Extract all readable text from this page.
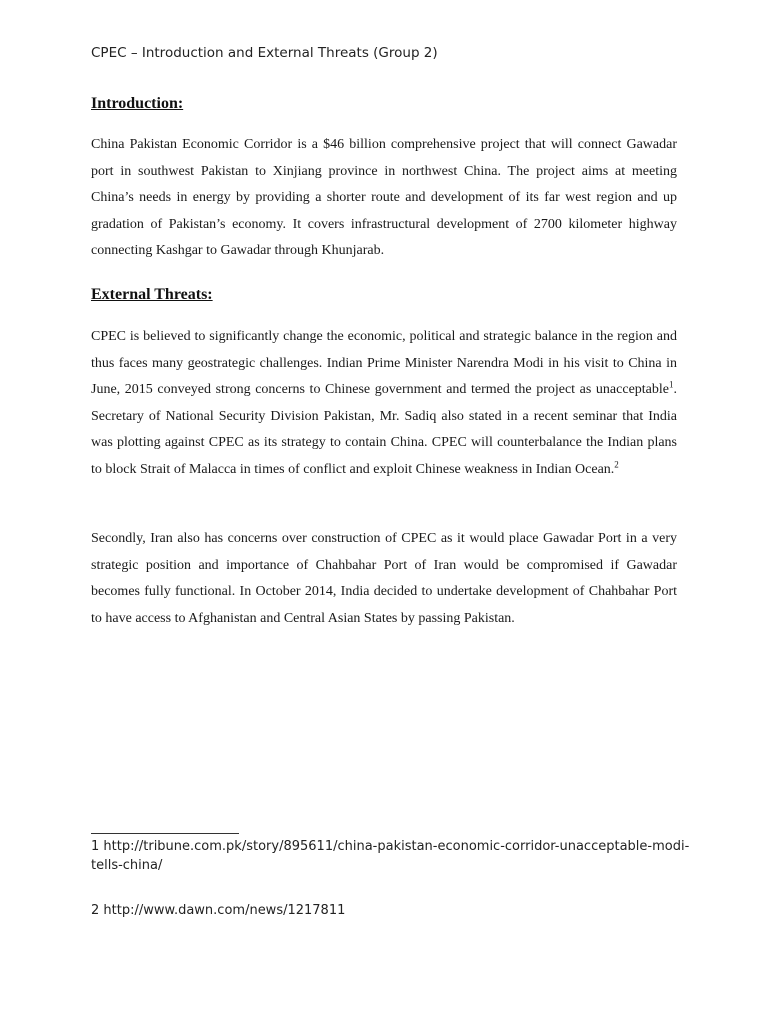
CPEC – Introduction and External Threats (Group 2)
Introduction:
China Pakistan Economic Corridor is a $46 billion comprehensive project that will connect Gawadar port in southwest Pakistan to Xinjiang province in northwest China. The project aims at meeting China’s needs in energy by providing a shorter route and development of its far west region and up gradation of Pakistan’s economy. It covers infrastructural development of 2700 kilometer highway connecting Kashgar to Gawadar through Khunjarab.
External Threats:
CPEC is believed to significantly change the economic, political and strategic balance in the region and thus faces many geostrategic challenges. Indian Prime Minister Narendra Modi in his visit to China in June, 2015 conveyed strong concerns to Chinese government and termed the project as unacceptable$^1$. Secretary of National Security Division Pakistan, Mr. Sadiq also stated in a recent seminar that India was plotting against CPEC as its strategy to contain China. CPEC will counterbalance the Indian plans to block Strait of Malacca in times of conflict and exploit Chinese weakness in Indian Ocean.$^2$
Secondly, Iran also has concerns over construction of CPEC as it would place Gawadar Port in a very strategic position and importance of Chahbahar Port of Iran would be compromised if Gawadar becomes fully functional. In October 2014, India decided to undertake development of Chahbahar Port to have access to Afghanistan and Central Asian States by passing Pakistan.
1 http://tribune.com.pk/story/895611/china-pakistan-economic-corridor-unacceptable-modi-tells-china/
2 http://www.dawn.com/news/1217811
